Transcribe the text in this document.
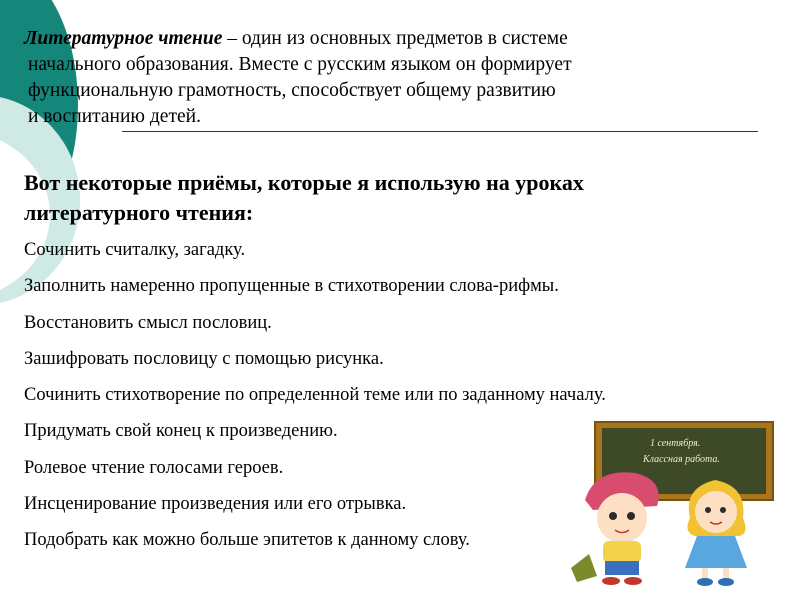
Литературное чтение – один из основных предметов в системе
начального образования. Вместе с русским языком он формирует
функциональную грамотность, способствует общему развитию
и воспитанию детей.
Вот некоторые приёмы, которые я использую на уроках
литературного чтения:
Сочинить считалку, загадку.
Заполнить намеренно пропущенные в стихотворении слова-рифмы.
Восстановить смысл пословиц.
Зашифровать пословицу с помощью рисунка.
Сочинить стихотворение по определенной теме или по заданному началу.
Придумать свой конец к произведению.
Ролевое чтение голосами героев.
Инсценирование произведения или его отрывка.
Подобрать как можно больше эпитетов к данному слову.
1 сентября.
Классная работа.
